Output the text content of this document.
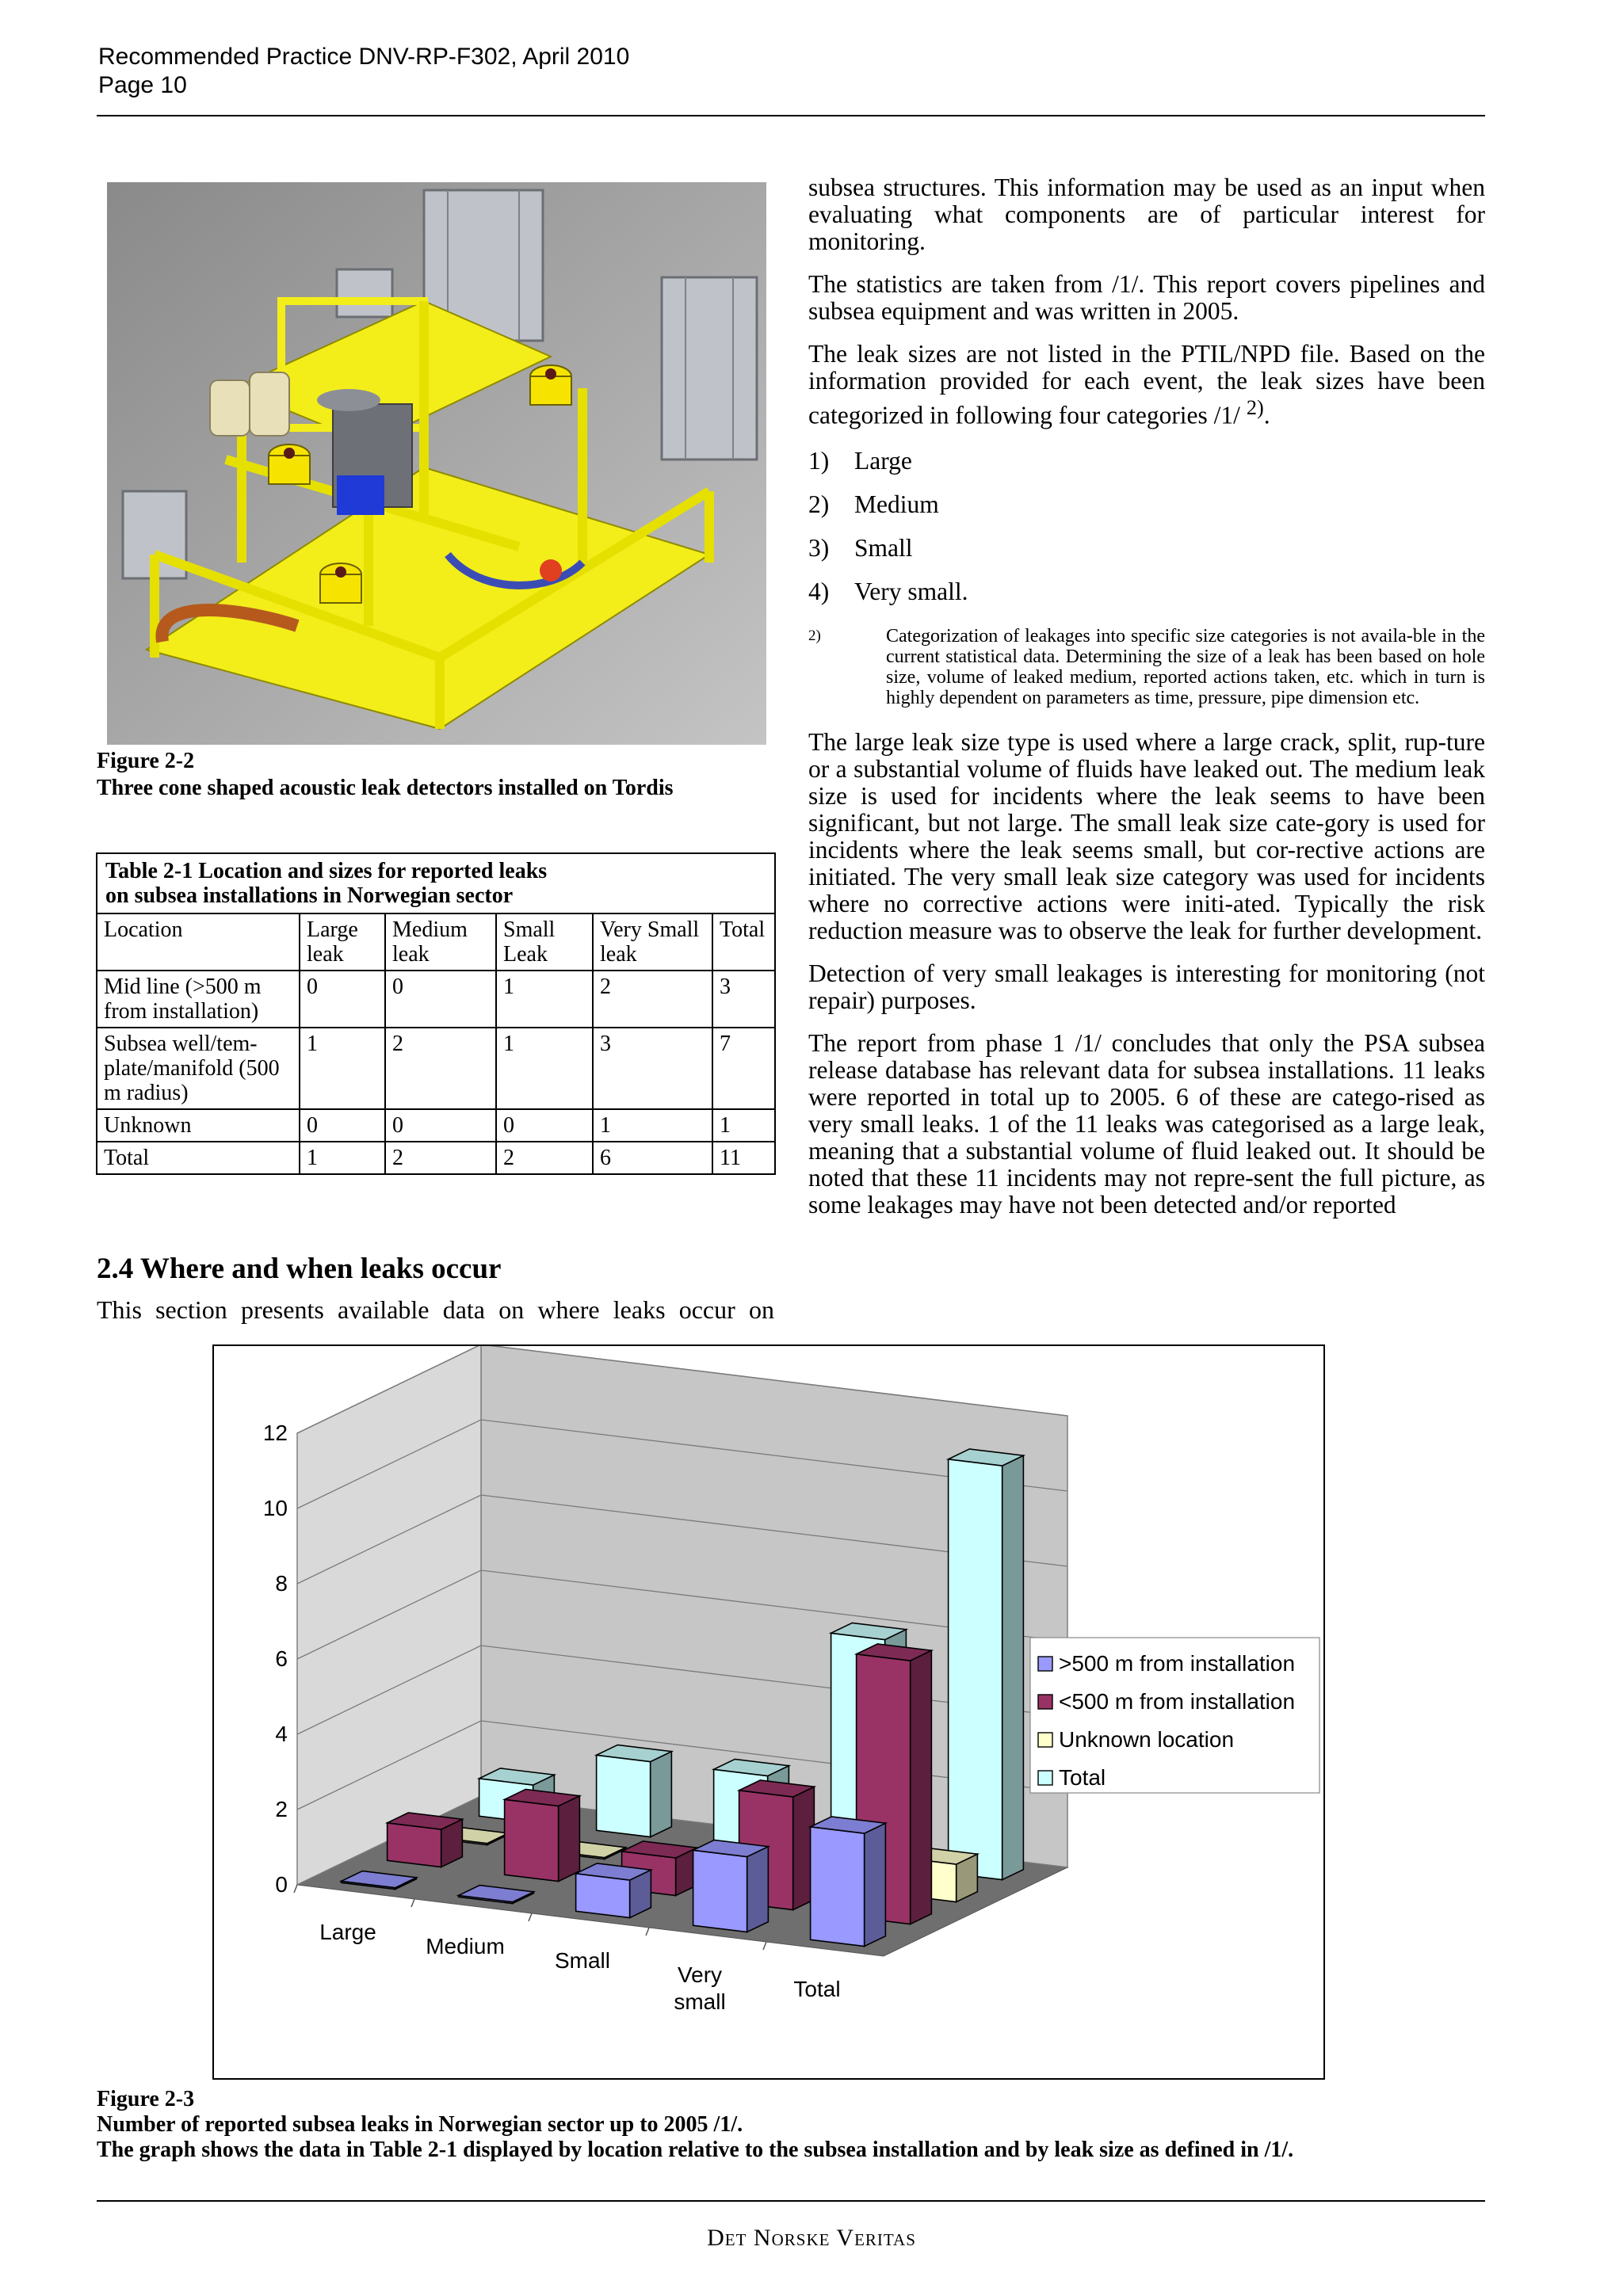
Recommended Practice DNV-RP-F302, April 2010
Page 10
Figure 2-2
Three cone shaped acoustic leak detectors installed on Tordis
Table 2-1 Location and sizes for reported leaks
on subsea installations in Norwegian sector					

Location	Large leak	Medium leak	Small Leak	Very Small leak	Total
Mid line (>500 m from installation)	0	0	1	2	3
Subsea well/tem-plate/manifold (500 m radius)	1	2	1	3	7
Unknown	0	0	0	1	1
Total	1	2	2	6	11
2.4 Where and when leaks occur
This section presents available data on where leaks occur on

subsea structures. This information may be used as an input when evaluating what components are of particular interest for monitoring.

The statistics are taken from /1/. This report covers pipelines and subsea equipment and was written in 2005.

The leak sizes are not listed in the PTIL/NPD file. Based on the information provided for each event, the leak sizes have been categorized in following four categories /1/ $^{2)}$.

1) Large
2) Medium
3) Small
4) Very small.
2)	Categorization of leakages into specific size categories is not availa-ble in the current statistical data. Determining the size of a leak has been based on hole size, volume of leaked medium, reported actions taken, etc. which in turn is highly dependent on parameters as time, pressure, pipe dimension etc.

The large leak size type is used where a large crack, split, rup-ture or a substantial volume of fluids have leaked out. The medium leak size is used for incidents where the leak seems to have been significant, but not large. The small leak size cate-gory is used for incidents where the leak seems small, but cor-rective actions are initiated. The very small leak size category was used for incidents where no corrective actions were initi-ated. Typically the risk reduction measure was to observe the leak for further development.

Detection of very small leakages is interesting for monitoring (not repair) purposes.

The report from phase 1 /1/ concludes that only the PSA subsea release database has relevant data for subsea installations. 11 leaks were reported in total up to 2005. 6 of these are catego-rised as very small leaks. 1 of the 11 leaks was categorised as a large leak, meaning that a substantial volume of fluid leaked out. It should be noted that these 11 incidents may not repre-sent the full picture, as some leakages may have not been detected and/or reported

0
2
4
6
8
10
12
Large
Medium
Small
Very small
Total
>500 m from installation
<500 m from installation
Unknown location
Total
Figure 2-3
Number of reported subsea leaks in Norwegian sector up to 2005 /1/.
The graph shows the data in Table 2-1 displayed by location relative to the subsea installation and by leak size as defined in /1/.
Det Norske Veritas
